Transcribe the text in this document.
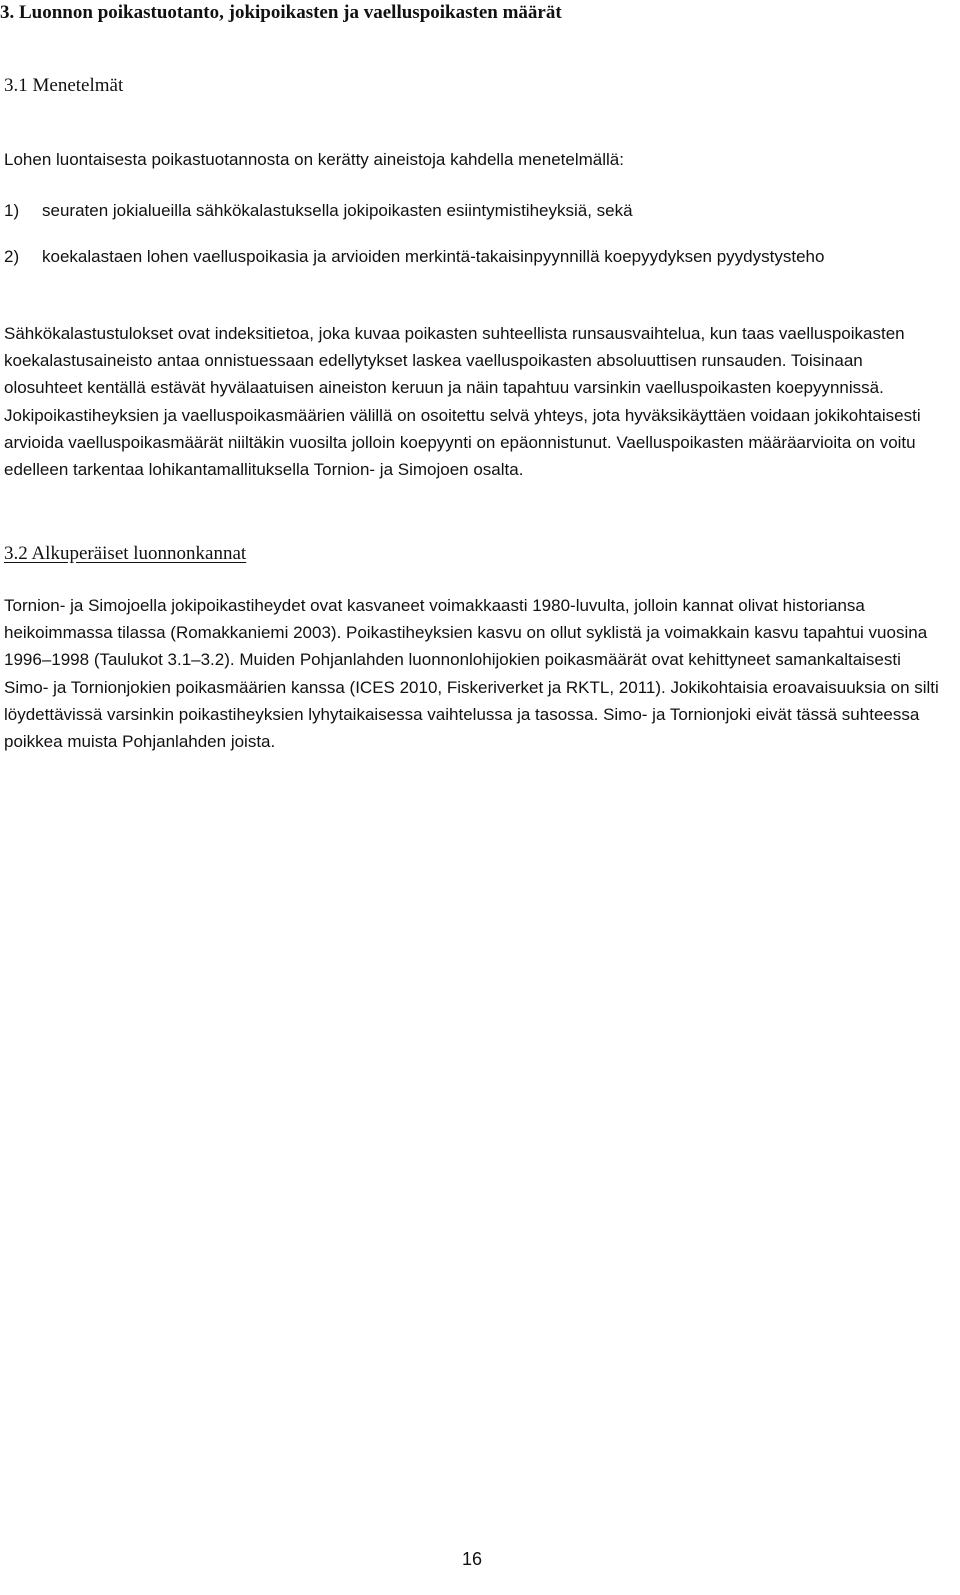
3. Luonnon poikastuotanto, jokipoikasten ja vaelluspoikasten määrät
3.1 Menetelmät
Lohen luontaisesta poikastuotannosta on kerätty aineistoja kahdella menetelmällä:
1) seuraten jokialueilla sähkökalastuksella jokipoikasten esiintymistiheyksiä, sekä
2) koekalastaen lohen vaelluspoikasia ja arvioiden merkintä-takaisinpyynnillä koepyydyksen pyydystysteho

Sähkökalastustulokset ovat indeksitietoa, joka kuvaa poikasten suhteellista runsausvaihtelua, kun taas vaelluspoikasten koekalastusaineisto antaa onnistuessaan edellytykset laskea vaelluspoikasten absoluuttisen runsauden. Toisinaan olosuhteet kentällä estävät hyvälaatuisen aineiston keruun ja näin tapahtuu varsinkin vaelluspoikasten koepyynnissä. Jokipoikastiheyksien ja vaelluspoikasmäärien välillä on osoitettu selvä yhteys, jota hyväksikäyttäen voidaan jokikohtaisesti arvioida vaelluspoikasmäärät niiltäkin vuosilta jolloin koepyynti on epäonnistunut. Vaelluspoikasten määräarvioita on voitu edelleen tarkentaa lohikantamallituksella Tornion- ja Simojoen osalta.

3.2 Alkuperäiset luonnonkannat

Tornion- ja Simojoella jokipoikastiheydet ovat kasvaneet voimakkaasti 1980-luvulta, jolloin kannat olivat historiansa heikoimmassa tilassa (Romakkaniemi 2003). Poikastiheyksien kasvu on ollut syklistä ja voimakkain kasvu tapahtui vuosina 1996–1998 (Taulukot 3.1–3.2). Muiden Pohjanlahden luonnonlohijokien poikasmäärät ovat kehittyneet samankaltaisesti Simo- ja Tornionjokien poikasmäärien kanssa (ICES 2010, Fiskeriverket ja RKTL, 2011). Jokikohtaisia eroavaisuuksia on silti löydettävissä varsinkin poikastiheyksien lyhytaikaisessa vaihtelussa ja tasossa. Simo- ja Tornionjoki eivät tässä suhteessa poikkea muista Pohjanlahden joista.

16
